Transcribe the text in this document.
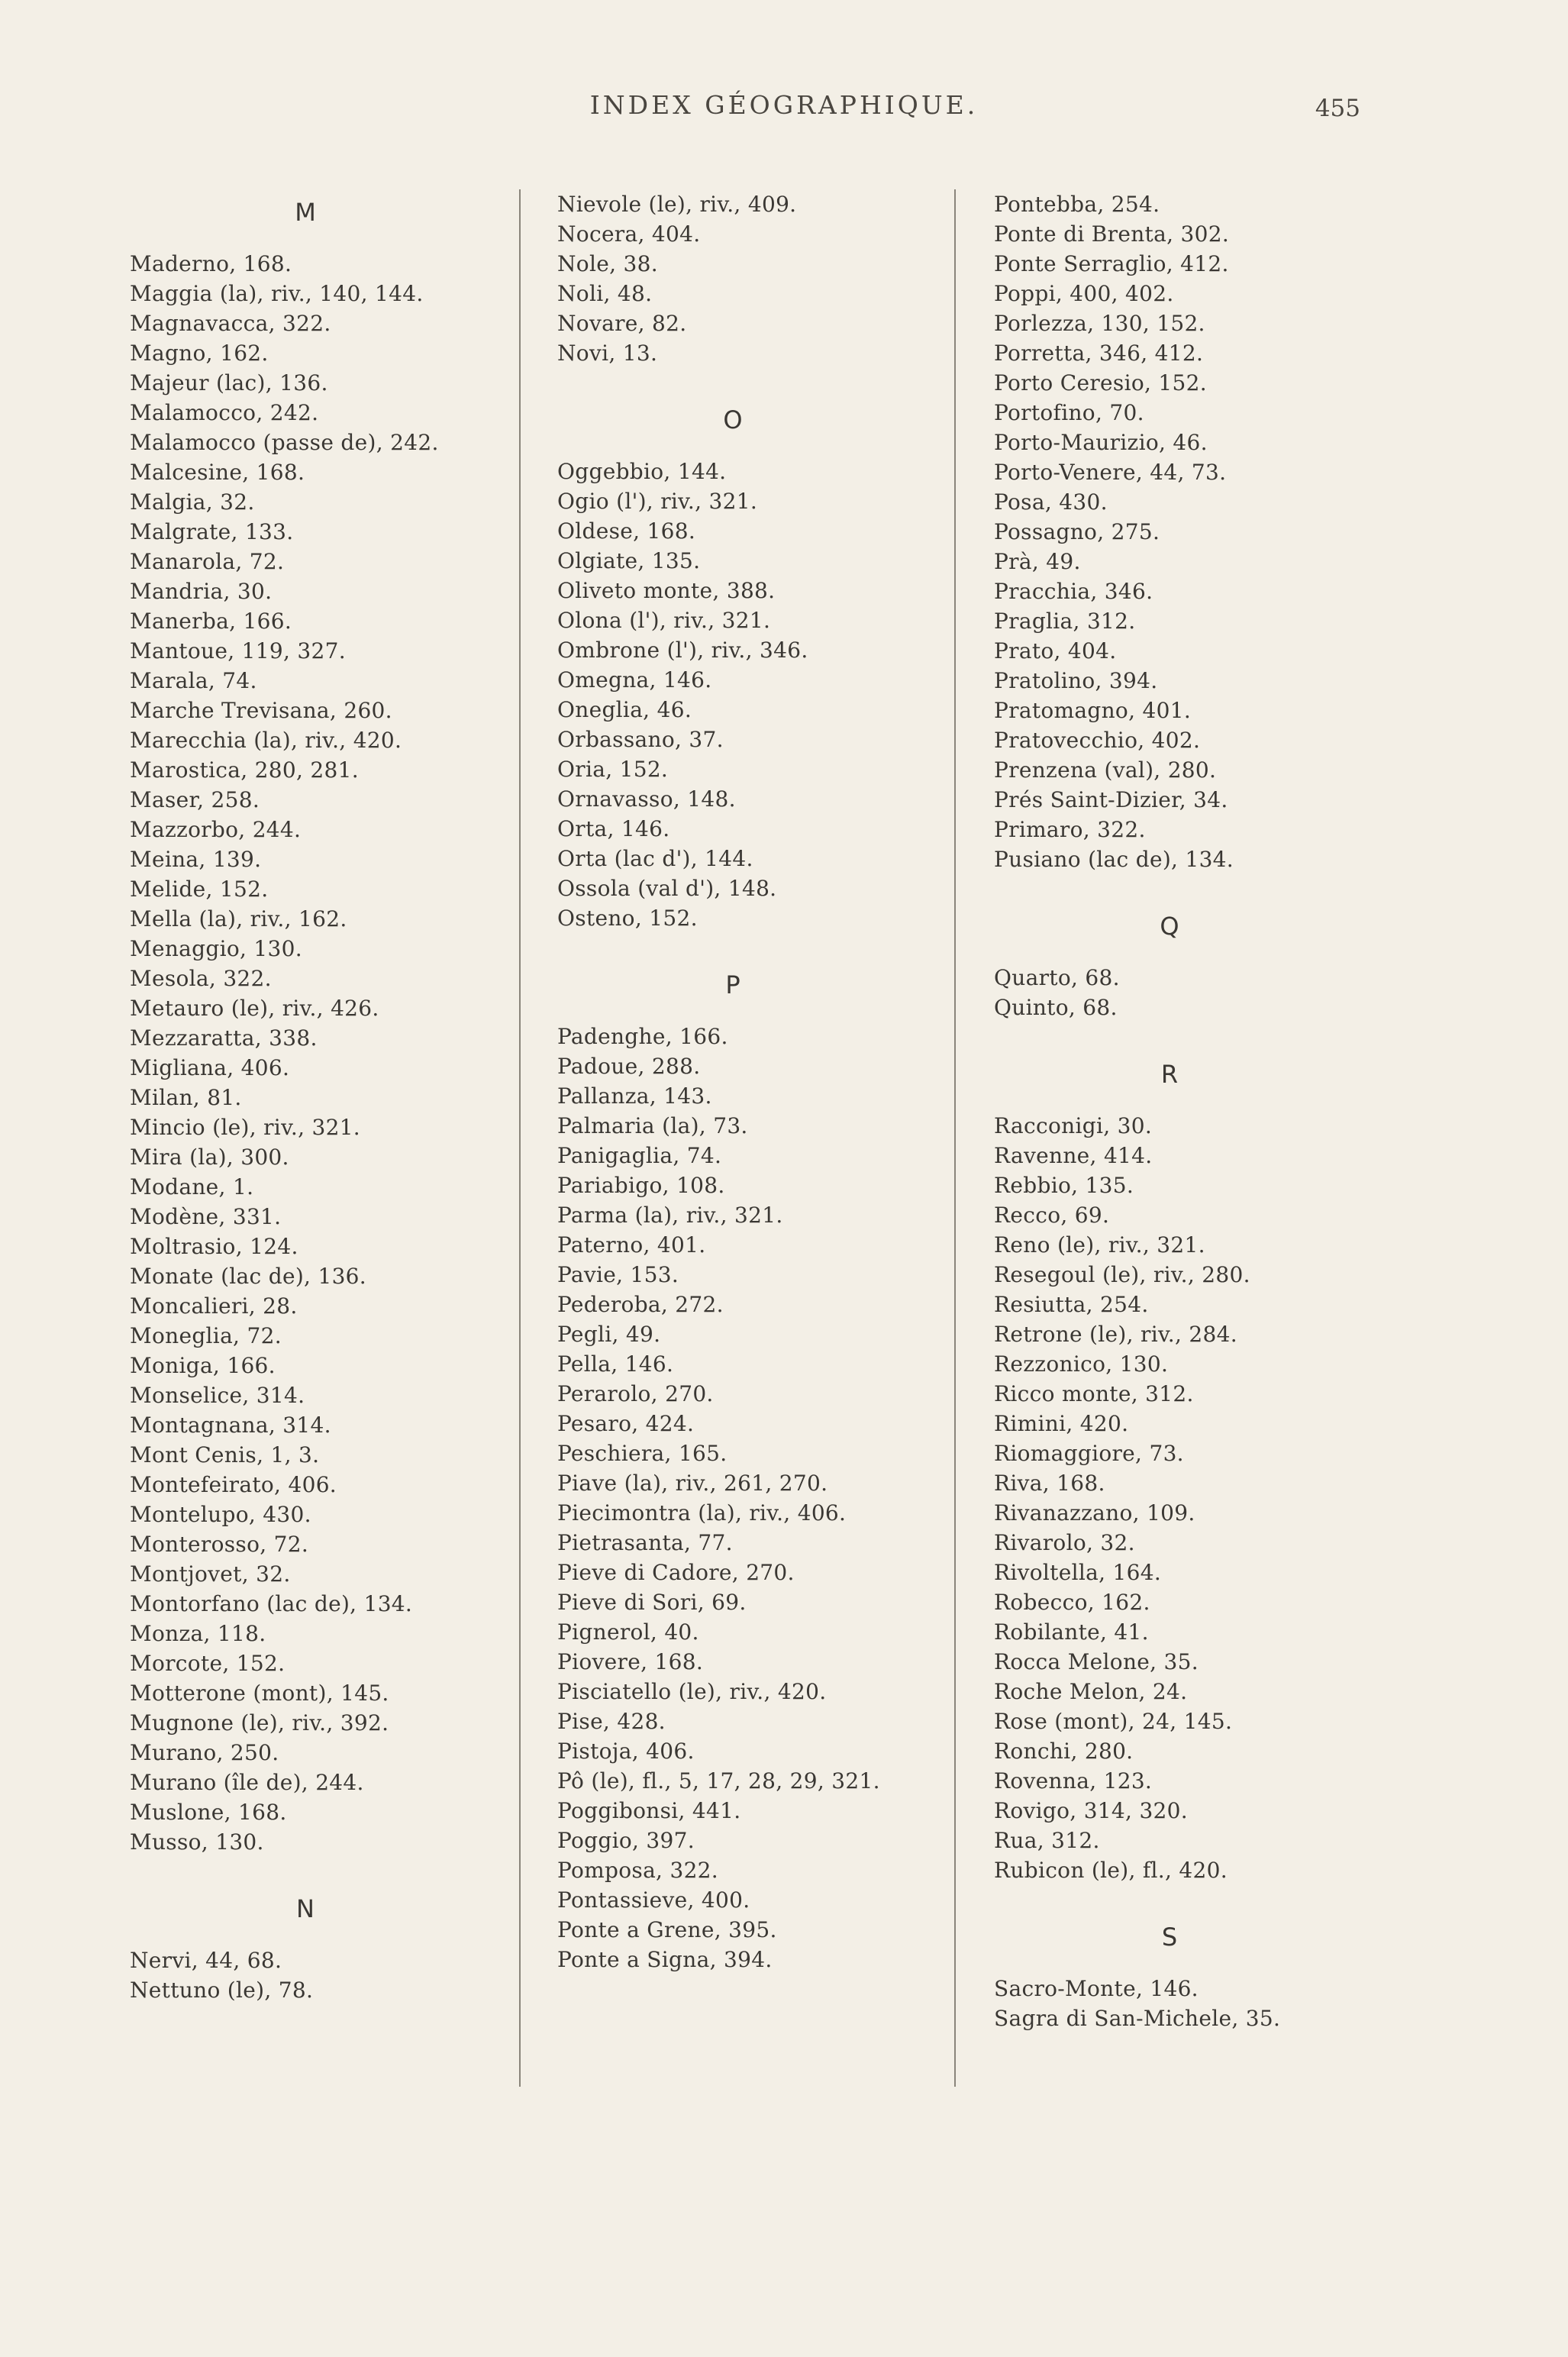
INDEX GÉOGRAPHIQUE.	455
M
Maderno, 168.
Maggia (la), riv., 140, 144.
Magnavacca, 322.
Magno, 162.
Majeur (lac), 136.
Malamocco, 242.
Malamocco (passe de), 242.
Malcesine, 168.
Malgia, 32.
Malgrate, 133.
Manarola, 72.
Mandria, 30.
Manerba, 166.
Mantoue, 119, 327.
Marala, 74.
Marche Trevisana, 260.
Marecchia (la), riv., 420.
Marostica, 280, 281.
Maser, 258.
Mazzorbo, 244.
Meina, 139.
Melide, 152.
Mella (la), riv., 162.
Menaggio, 130.
Mesola, 322.
Metauro (le), riv., 426.
Mezzaratta, 338.
Migliana, 406.
Milan, 81.
Mincio (le), riv., 321.
Mira (la), 300.
Modane, 1.
Modène, 331.
Moltrasio, 124.
Monate (lac de), 136.
Moncalieri, 28.
Moneglia, 72.
Moniga, 166.
Monselice, 314.
Montagnana, 314.
Mont Cenis, 1, 3.
Montefeirato, 406.
Montelupo, 430.
Monterosso, 72.
Montjovet, 32.
Montorfano (lac de), 134.
Monza, 118.
Morcote, 152.
Motterone (mont), 145.
Mugnone (le), riv., 392.
Murano, 250.
Murano (île de), 244.
Muslone, 168.
Musso, 130.
N
Nervi, 44, 68.
Nettuno (le), 78.
Nievole (le), riv., 409.
Nocera, 404.
Nole, 38.
Noli, 48.
Novare, 82.
Novi, 13.
O
Oggebbio, 144.
Ogio (l'), riv., 321.
Oldese, 168.
Olgiate, 135.
Oliveto monte, 388.
Olona (l'), riv., 321.
Ombrone (l'), riv., 346.
Omegna, 146.
Oneglia, 46.
Orbassano, 37.
Oria, 152.
Ornavasso, 148.
Orta, 146.
Orta (lac d'), 144.
Ossola (val d'), 148.
Osteno, 152.
P
Padenghe, 166.
Padoue, 288.
Pallanza, 143.
Palmaria (la), 73.
Panigaglia, 74.
Pariabigo, 108.
Parma (la), riv., 321.
Paterno, 401.
Pavie, 153.
Pederoba, 272.
Pegli, 49.
Pella, 146.
Perarolo, 270.
Pesaro, 424.
Peschiera, 165.
Piave (la), riv., 261, 270.
Piecimontra (la), riv., 406.
Pietrasanta, 77.
Pieve di Cadore, 270.
Pieve di Sori, 69.
Pignerol, 40.
Piovere, 168.
Pisciatello (le), riv., 420.
Pise, 428.
Pistoja, 406.
Pô (le), fl., 5, 17, 28, 29, 321.
Poggibonsi, 441.
Poggio, 397.
Pomposa, 322.
Pontassieve, 400.
Ponte a Grene, 395.
Ponte a Signa, 394.
Pontebba, 254.
Ponte di Brenta, 302.
Ponte Serraglio, 412.
Poppi, 400, 402.
Porlezza, 130, 152.
Porretta, 346, 412.
Porto Ceresio, 152.
Portofino, 70.
Porto-Maurizio, 46.
Porto-Venere, 44, 73.
Posa, 430.
Possagno, 275.
Prà, 49.
Pracchia, 346.
Praglia, 312.
Prato, 404.
Pratolino, 394.
Pratomagno, 401.
Pratovecchio, 402.
Prenzena (val), 280.
Prés Saint-Dizier, 34.
Primaro, 322.
Pusiano (lac de), 134.
Q
Quarto, 68.
Quinto, 68.
R
Racconigi, 30.
Ravenne, 414.
Rebbio, 135.
Recco, 69.
Reno (le), riv., 321.
Resegoul (le), riv., 280.
Resiutta, 254.
Retrone (le), riv., 284.
Rezzonico, 130.
Ricco monte, 312.
Rimini, 420.
Riomaggiore, 73.
Riva, 168.
Rivanazzano, 109.
Rivarolo, 32.
Rivoltella, 164.
Robecco, 162.
Robilante, 41.
Rocca Melone, 35.
Roche Melon, 24.
Rose (mont), 24, 145.
Ronchi, 280.
Rovenna, 123.
Rovigo, 314, 320.
Rua, 312.
Rubicon (le), fl., 420.
S
Sacro-Monte, 146.
Sagra di San-Michele, 35.
